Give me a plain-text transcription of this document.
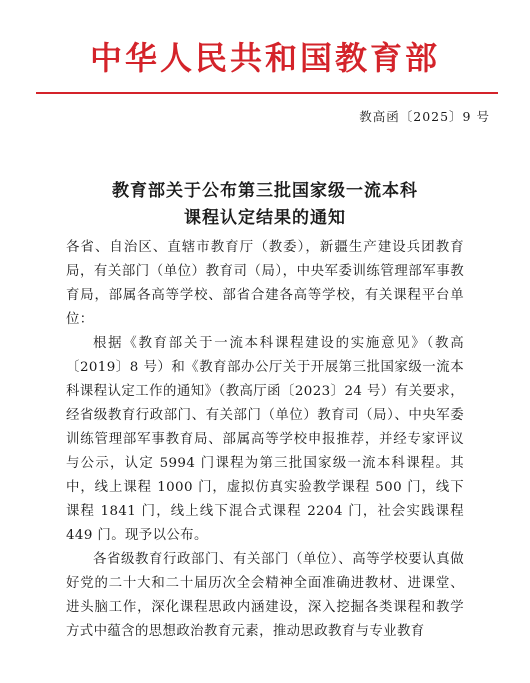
中华人民共和国教育部
教高函〔2025〕9 号
教育部关于公布第三批国家级一流本科
课程认定结果的通知

各省、自治区、直辖市教育厅（教委），新疆生产建设兵团教育局，有关部门（单位）教育司（局），中央军委训练管理部军事教育局，部属各高等学校、部省合建各高等学校，有关课程平台单位：

根据《教育部关于一流本科课程建设的实施意见》（教高〔2019〕8 号）和《教育部办公厅关于开展第三批国家级一流本科课程认定工作的通知》（教高厅函〔2023〕24 号）有关要求，经省级教育行政部门、有关部门（单位）教育司（局）、中央军委训练管理部军事教育局、部属高等学校申报推荐，并经专家评议与公示，认定 5994 门课程为第三批国家级一流本科课程。其中，线上课程 1000 门，虚拟仿真实验教学课程 500 门，线下课程 1841 门，线上线下混合式课程 2204 门，社会实践课程 449 门。现予以公布。

各省级教育行政部门、有关部门（单位）、高等学校要认真做好党的二十大和二十届历次全会精神全面准确进教材、进课堂、进头脑工作，深化课程思政内涵建设，深入挖掘各类课程和教学方式中蕴含的思想政治教育元素，推动思政教育与专业教育
